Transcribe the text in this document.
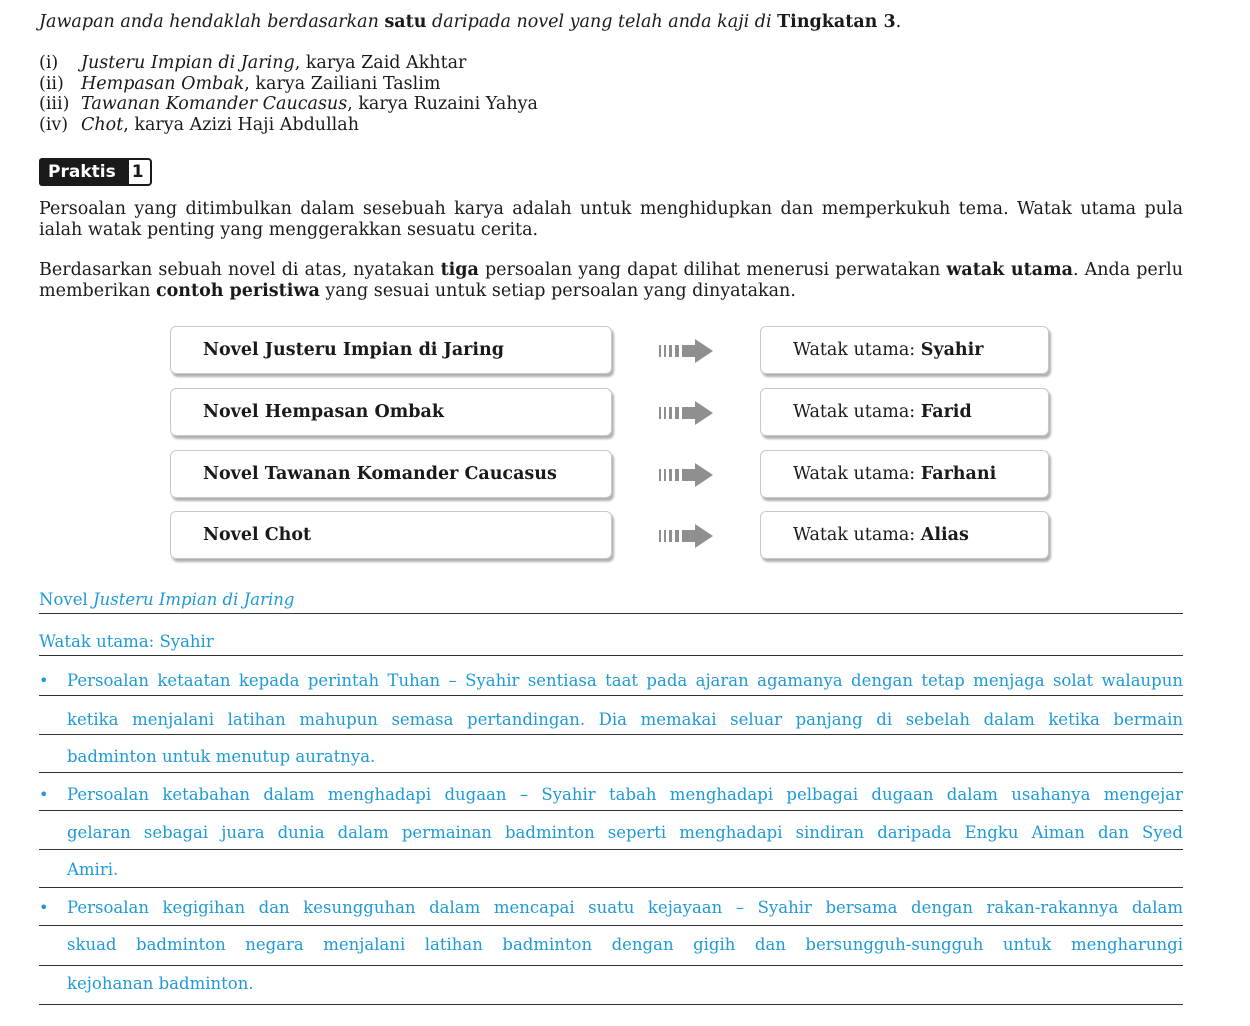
Jawapan anda hendaklah berdasarkan satu daripada novel yang telah anda kaji di Tingkatan 3.
(i) Justeru Impian di Jaring, karya Zaid Akhtar
(ii) Hempasan Ombak, karya Zailiani Taslim
(iii) Tawanan Komander Caucasus, karya Ruzaini Yahya
(iv) Chot, karya Azizi Haji Abdullah
Praktis 1
Persoalan yang ditimbulkan dalam sesebuah karya adalah untuk menghidupkan dan memperkukuh tema. Watak utama pula ialah watak penting yang menggerakkan sesuatu cerita.
Berdasarkan sebuah novel di atas, nyatakan tiga persoalan yang dapat dilihat menerusi perwatakan watak utama. Anda perlu memberikan contoh peristiwa yang sesuai untuk setiap persoalan yang dinyatakan.
Novel Justeru Impian di Jaring	Watak utama: Syahir
Novel Hempasan Ombak	Watak utama: Farid
Novel Tawanan Komander Caucasus	Watak utama: Farhani
Novel Chot	Watak utama: Alias
Novel Justeru Impian di Jaring
Watak utama: Syahir
• Persoalan ketaatan kepada perintah Tuhan – Syahir sentiasa taat pada ajaran agamanya dengan tetap menjaga solat walaupun
ketika menjalani latihan mahupun semasa pertandingan. Dia memakai seluar panjang di sebelah dalam ketika bermain
badminton untuk menutup auratnya.
• Persoalan ketabahan dalam menghadapi dugaan – Syahir tabah menghadapi pelbagai dugaan dalam usahanya mengejar
gelaran sebagai juara dunia dalam permainan badminton seperti menghadapi sindiran daripada Engku Aiman dan Syed
Amiri.
• Persoalan kegigihan dan kesungguhan dalam mencapai suatu kejayaan – Syahir bersama dengan rakan-rakannya dalam
skuad badminton negara menjalani latihan badminton dengan gigih dan bersungguh-sungguh untuk mengharungi
kejohanan badminton.
